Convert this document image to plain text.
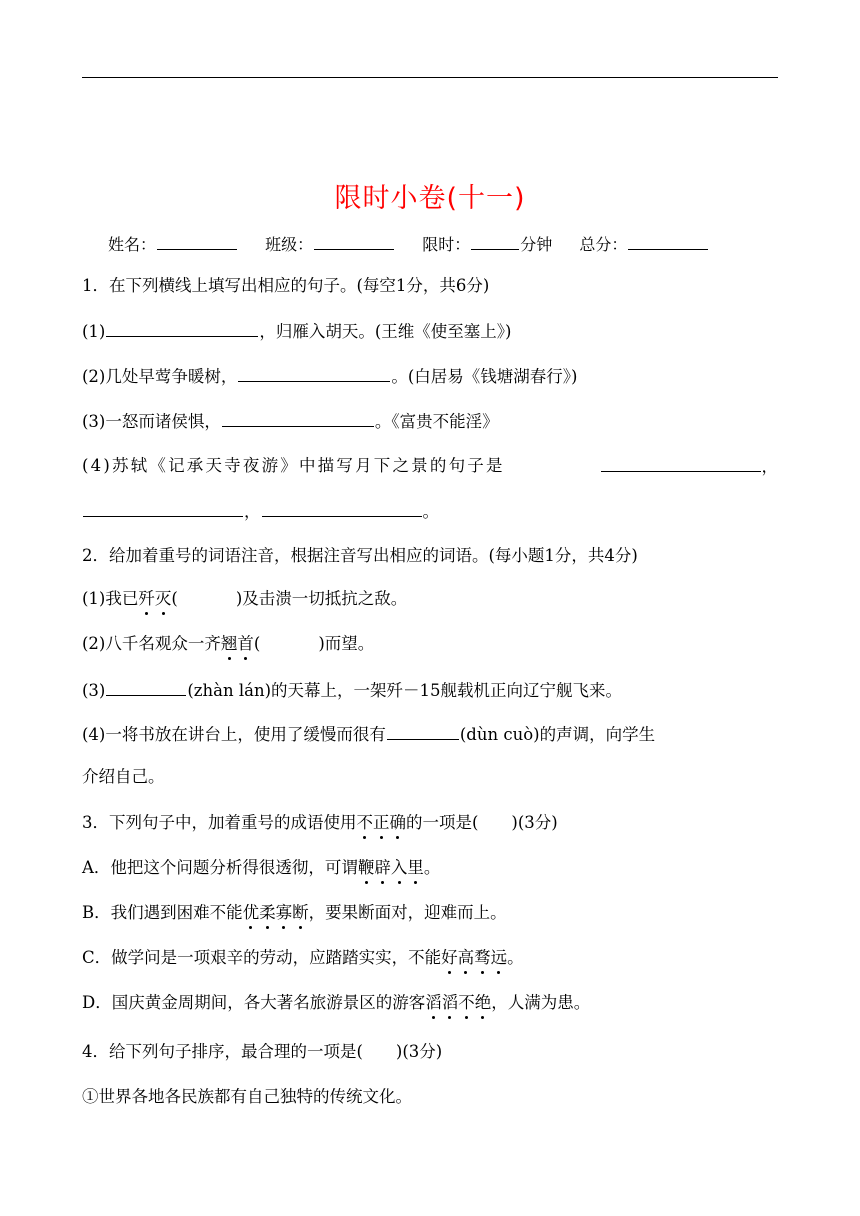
限时小卷(十一)
姓名：	班级：	限时：	分钟 总分：
1．在下列横线上填写出相应的句子。(每空1分，共6分)
(1)	，归雁入胡天。(王维《使至塞上》)
(2)几处早莺争暖树，	。(白居易《钱塘湖春行》)
(3)一怒而诸侯惧，	。《富贵不能淫》
(4)苏轼《记承天寺夜游》中描写月下之景的句子是	，
，	。
2．给加着重号的词语注音，根据注音写出相应的词语。(每小题1分，共4分)
(1)我已歼灭(	)及击溃一切抵抗之敌。
(2)八千名观众一齐翘首(	)而望。
(3)	(zhàn lán)的天幕上，一架歼－15舰载机正向辽宁舰飞来。
(4)一将书放在讲台上，使用了缓慢而很有	(dùn cuò)的声调，向学生
介绍自己。
3．下列句子中，加着重号的成语使用不正确的一项是(　　)(3分)
A．他把这个问题分析得很透彻，可谓鞭辟入里。
B．我们遇到困难不能优柔寡断，要果断面对，迎难而上。
C．做学问是一项艰辛的劳动，应踏踏实实，不能好高骛远。
D．国庆黄金周期间，各大著名旅游景区的游客滔滔不绝，人满为患。
4．给下列句子排序，最合理的一项是(　　)(3分)
①世界各地各民族都有自己独特的传统文化。
